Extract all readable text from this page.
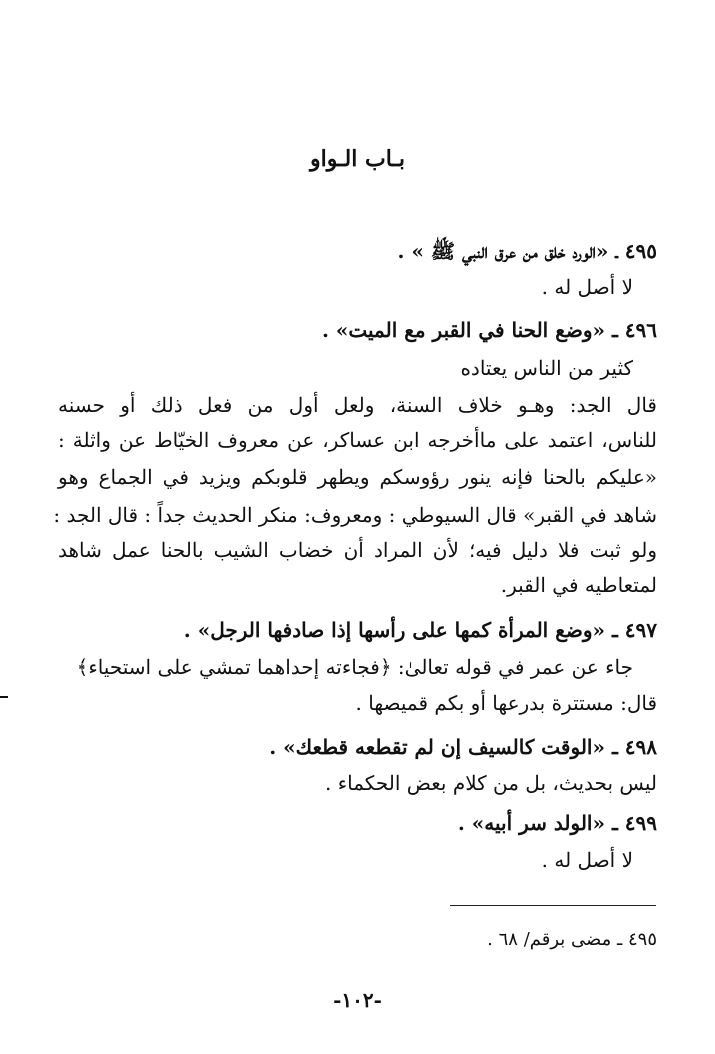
بـاب الـواو
٤٩٥ ـ «الورد خلق من عرق النبي ﷺ » .
لا أصل له .
٤٩٦ ـ «وضع الحنا في القبر مع الميت» .
كثير من الناس يعتاده
قال الجد: وهـو خلاف السنة، ولعل أول من فعل ذلك أو حسنه
للناس، اعتمد على ماأخرجه ابن عساكر، عن معروف الخيّاط عن واثلة :
«عليكم بالحنا فإنه ينور رؤوسكم ويطهر قلوبكم ويزيد في الجماع وهو
شاهد في القبر» قال السيوطي : ومعروف: منكر الحديث جداً : قال الجد :
ولو ثبت فلا دليل فيه؛ لأن المراد أن خضاب الشيب بالحنا عمل شاهد
لمتعاطيه في القبر.
٤٩٧ ـ «وضع المرأة كمها على رأسها إذا صادفها الرجل» .
جاء عن عمر في قوله تعالىٰ: ﴿فجاءته إحداهما تمشي على استحياء﴾
قال: مستترة بدرعها أو بكم قميصها .
٤٩٨ ـ «الوقت كالسيف إن لم تقطعه قطعك» .
ليس بحديث، بل من كلام بعض الحكماء .
٤٩٩ ـ «الولد سر أبيه» .
لا أصل له .
٤٩٥ ـ مضى برقم/ ٦٨ .
-١٠٢-
